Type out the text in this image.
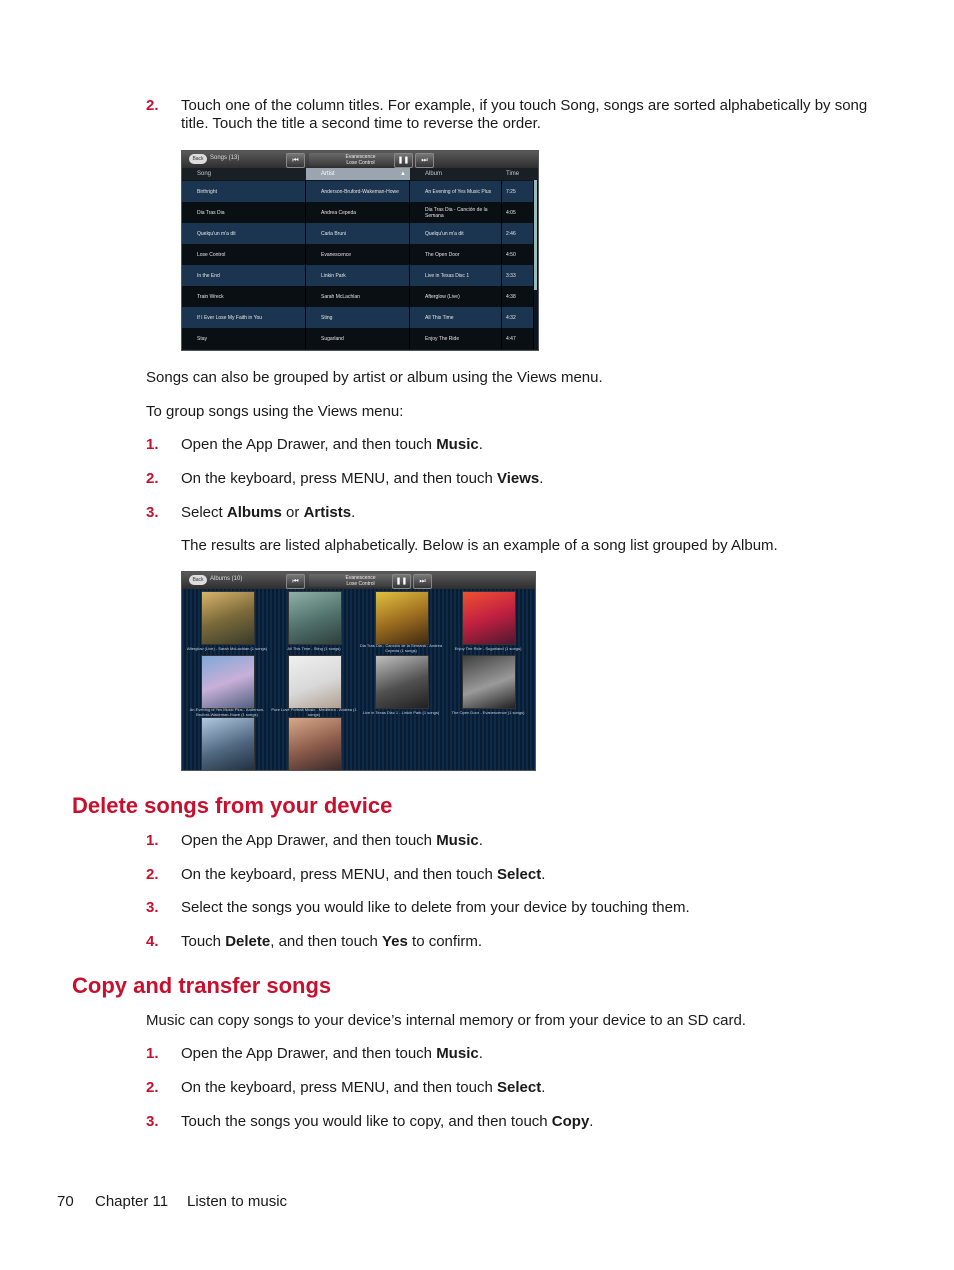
2. Touch one of the column titles. For example, if you touch Song, songs are sorted alphabetically by song title. Touch the title a second time to reverse the order.
Back	Songs (13)	⏮	Evanescence
Lose Control	❚❚	⏭
Song	Artist	▲	Album	Time
Birthright	Anderson-Bruford-Wakeman-Howe	An Evening of Yes Music Plus	7:25
Dia Tras Dia	Andrea Cepeda	Dia Tras Dia - Canción de la Semana	4:05
Quelqu'un m'a dit	Carla Bruni	Quelqu'un m'a dit	2:46
Lose Control	Evanescence	The Open Door	4:50
In the End	Linkin Park	Live in Texas Disc 1	3:33
Train Wreck	Sarah McLachlan	Afterglow (Live)	4:38
If I Ever Lose My Faith in You	Sting	All This Time	4:32
Stay	Sugarland	Enjoy The Ride	4:47
Songs can also be grouped by artist or album using the Views menu.
To group songs using the Views menu:
1. Open the App Drawer, and then touch Music.
2. On the keyboard, press MENU, and then touch Views.
3. Select Albums or Artists.
The results are listed alphabetically. Below is an example of a song list grouped by Album.
Back	Albums (10)	⏮	Evanescence
Lose Control	❚❚	⏭
Afterglow (Live) - Sarah McLachlan (1 songs)	All This Time - Sting (1 songs)
Dia Tras Dia - Canción de la Semana - Andrea Cepeda (1 songs)	Enjoy The Ride - Sugarland (1 songs)
An Evening of Yes Music Plus - Anderson-Bruford-Wakeman-Howe (1 songs)
Pure Love Portrait Music - Mediterra - Andrea (1 songs)	Live in Texas Disc 1 - Linkin Park (1 songs)	The Open Door - Evanescence (1 songs)
Delete songs from your device
1. Open the App Drawer, and then touch Music.
2. On the keyboard, press MENU, and then touch Select.
3. Select the songs you would like to delete from your device by touching them.
4. Touch Delete, and then touch Yes to confirm.
Copy and transfer songs
Music can copy songs to your device’s internal memory or from your device to an SD card.
1. Open the App Drawer, and then touch Music.
2. On the keyboard, press MENU, and then touch Select.
3. Touch the songs you would like to copy, and then touch Copy.
70 Chapter 11 Listen to music
